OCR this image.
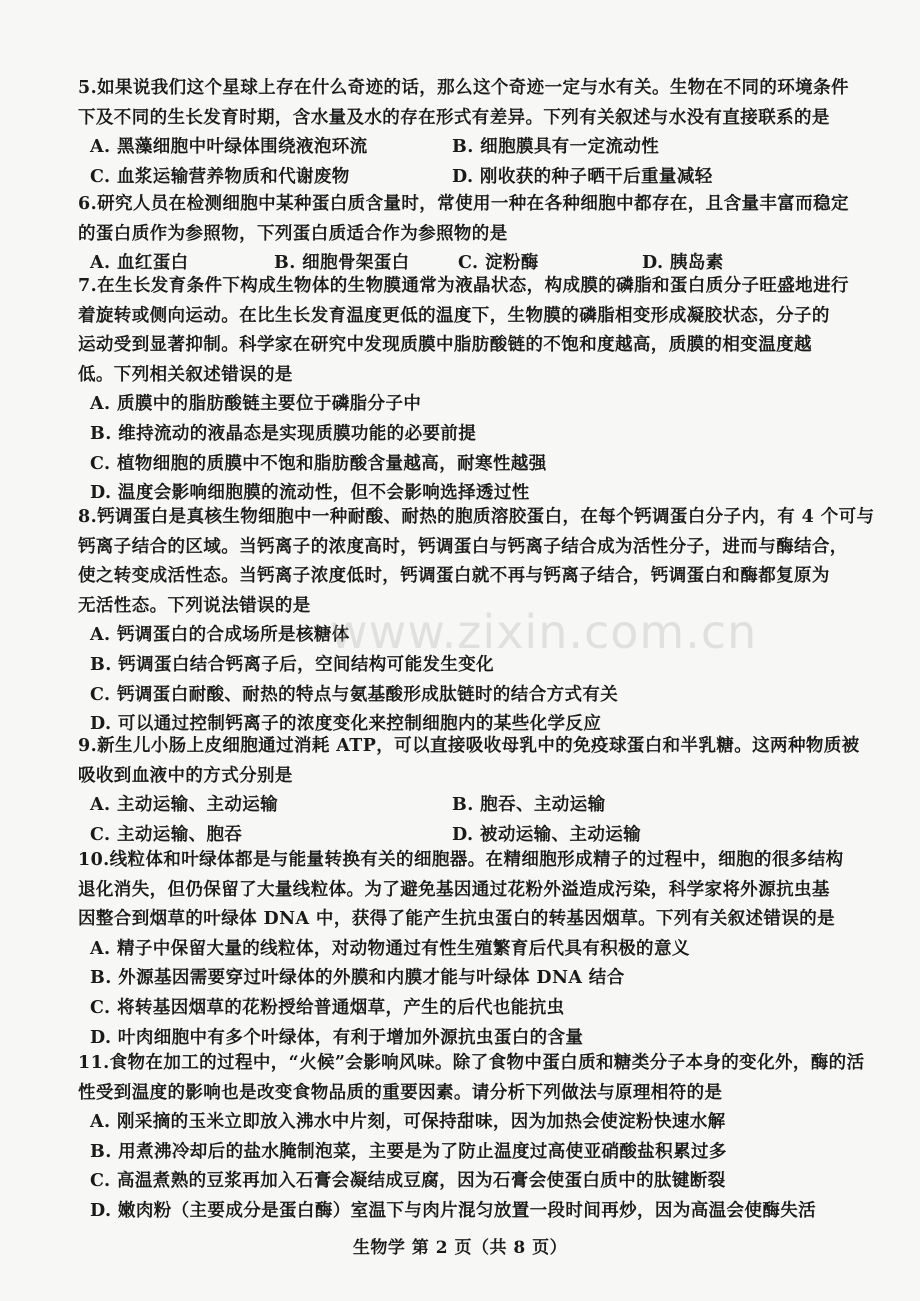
5.如果说我们这个星球上存在什么奇迹的话，那么这个奇迹一定与水有关。生物在不同的环境条件
下及不同的生长发育时期，含水量及水的存在形式有差异。下列有关叙述与水没有直接联系的是
A. 黑藻细胞中叶绿体围绕液泡环流	B. 细胞膜具有一定流动性
C. 血浆运输营养物质和代谢废物	D. 刚收获的种子晒干后重量减轻
6.研究人员在检测细胞中某种蛋白质含量时，常使用一种在各种细胞中都存在，且含量丰富而稳定
的蛋白质作为参照物，下列蛋白质适合作为参照物的是
A. 血红蛋白	B. 细胞骨架蛋白	C. 淀粉酶	D. 胰岛素
7.在生长发育条件下构成生物体的生物膜通常为液晶状态，构成膜的磷脂和蛋白质分子旺盛地进行
着旋转或侧向运动。在比生长发育温度更低的温度下，生物膜的磷脂相变形成凝胶状态，分子的
运动受到显著抑制。科学家在研究中发现质膜中脂肪酸链的不饱和度越高，质膜的相变温度越
低。下列相关叙述错误的是
A. 质膜中的脂肪酸链主要位于磷脂分子中
B. 维持流动的液晶态是实现质膜功能的必要前提
C. 植物细胞的质膜中不饱和脂肪酸含量越高，耐寒性越强
D. 温度会影响细胞膜的流动性，但不会影响选择透过性
8.钙调蛋白是真核生物细胞中一种耐酸、耐热的胞质溶胶蛋白，在每个钙调蛋白分子内，有 4 个可与
钙离子结合的区域。当钙离子的浓度高时，钙调蛋白与钙离子结合成为活性分子，进而与酶结合，
使之转变成活性态。当钙离子浓度低时，钙调蛋白就不再与钙离子结合，钙调蛋白和酶都复原为
无活性态。下列说法错误的是
A. 钙调蛋白的合成场所是核糖体
B. 钙调蛋白结合钙离子后，空间结构可能发生变化
C. 钙调蛋白耐酸、耐热的特点与氨基酸形成肽链时的结合方式有关
D. 可以通过控制钙离子的浓度变化来控制细胞内的某些化学反应
9.新生儿小肠上皮细胞通过消耗 ATP，可以直接吸收母乳中的免疫球蛋白和半乳糖。这两种物质被
吸收到血液中的方式分别是
A. 主动运输、主动运输	B. 胞吞、主动运输
C. 主动运输、胞吞	D. 被动运输、主动运输
10.线粒体和叶绿体都是与能量转换有关的细胞器。在精细胞形成精子的过程中，细胞的很多结构
退化消失，但仍保留了大量线粒体。为了避免基因通过花粉外溢造成污染，科学家将外源抗虫基
因整合到烟草的叶绿体 DNA 中，获得了能产生抗虫蛋白的转基因烟草。下列有关叙述错误的是
A. 精子中保留大量的线粒体，对动物通过有性生殖繁育后代具有积极的意义
B. 外源基因需要穿过叶绿体的外膜和内膜才能与叶绿体 DNA 结合
C. 将转基因烟草的花粉授给普通烟草，产生的后代也能抗虫
D. 叶肉细胞中有多个叶绿体，有利于增加外源抗虫蛋白的含量
11.食物在加工的过程中，“火候”会影响风味。除了食物中蛋白质和糖类分子本身的变化外，酶的活
性受到温度的影响也是改变食物品质的重要因素。请分析下列做法与原理相符的是
A. 刚采摘的玉米立即放入沸水中片刻，可保持甜味，因为加热会使淀粉快速水解
B. 用煮沸冷却后的盐水腌制泡菜，主要是为了防止温度过高使亚硝酸盐积累过多
C. 高温煮熟的豆浆再加入石膏会凝结成豆腐，因为石膏会使蛋白质中的肽键断裂
D. 嫩肉粉（主要成分是蛋白酶）室温下与肉片混匀放置一段时间再炒，因为高温会使酶失活
www.zixin.com.cn
生物学 第 2 页（共 8 页）
